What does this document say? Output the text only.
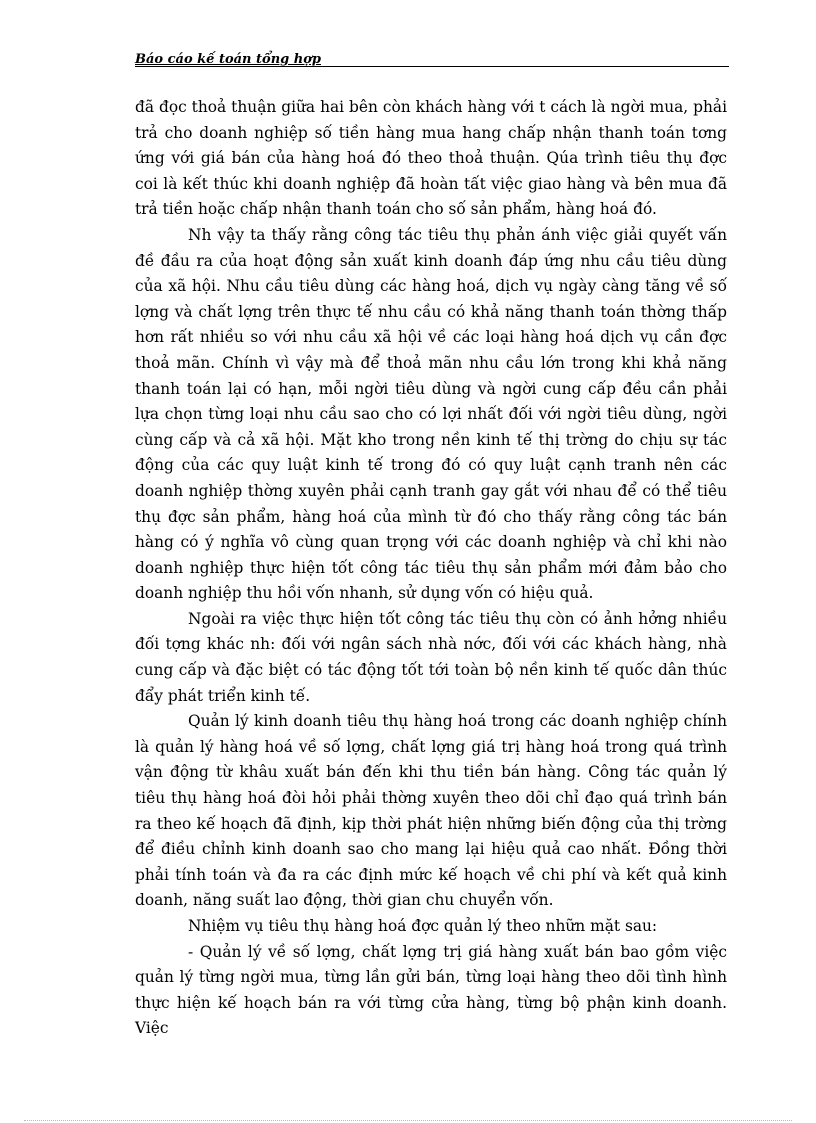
Báo cáo kế toán tổng hợp

đã đọc thoả thuận giữa hai bên còn khách hàng với t cách là ngời mua, phải trả cho doanh nghiệp số tiền hàng mua hang chấp nhận thanh toán tơng ứng với giá bán của hàng hoá đó theo thoả thuận. Qúa trình tiêu thụ đợc coi là kết thúc khi doanh nghiệp đã hoàn tất việc giao hàng và bên mua đã trả tiền hoặc chấp nhận thanh toán cho số sản phẩm, hàng hoá đó.

Nh vậy ta thấy rằng công tác tiêu thụ phản ánh việc giải quyết vấn đề đầu ra của hoạt động sản xuất kinh doanh đáp ứng nhu cầu tiêu dùng của xã hội. Nhu cầu tiêu dùng các hàng hoá, dịch vụ ngày càng tăng về số lợng và chất lợng trên thực tế nhu cầu có khả năng thanh toán thờng thấp hơn rất nhiều so với nhu cầu xã hội về các loại hàng hoá dịch vụ cần đợc thoả mãn. Chính vì vậy mà để thoả mãn nhu cầu lớn trong khi khả năng thanh toán lại có hạn, mỗi ngời tiêu dùng và ngời cung cấp đều cần phải lựa chọn từng loại nhu cầu sao cho có lợi nhất đối với ngời tiêu dùng, ngời cùng cấp và cả xã hội. Mặt kho trong nền kinh tế thị trờng do chịu sự tác động của các quy luật kinh tế trong đó có quy luật cạnh tranh nên các doanh nghiệp thờng xuyên phải cạnh tranh gay gắt với nhau để có thể tiêu thụ đợc sản phẩm, hàng hoá của mình từ đó cho thấy rằng công tác bán hàng có ý nghĩa vô cùng quan trọng với các doanh nghiệp và chỉ khi nào doanh nghiệp thực hiện tốt công tác tiêu thụ sản phẩm mới đảm bảo cho doanh nghiệp thu hồi vốn nhanh, sử dụng vốn có hiệu quả.

Ngoài ra việc thực hiện tốt công tác tiêu thụ còn có ảnh hởng nhiều đối tợng khác nh: đối với ngân sách nhà nớc, đối với các khách hàng, nhà cung cấp và đặc biệt có tác động tốt tới toàn bộ nền kinh tế quốc dân thúc đẩy phát triển kinh tế.

Quản lý kinh doanh tiêu thụ hàng hoá trong các doanh nghiệp chính là quản lý hàng hoá về số lợng, chất lợng giá trị hàng hoá trong quá trình vận động từ khâu xuất bán đến khi thu tiền bán hàng. Công tác quản lý tiêu thụ hàng hoá đòi hỏi phải thờng xuyên theo dõi chỉ đạo quá trình bán ra theo kế hoạch đã định, kịp thời phát hiện những biến động của thị trờng để điều chỉnh kinh doanh sao cho mang lại hiệu quả cao nhất. Đồng thời phải tính toán và đa ra các định mức kế hoạch về chi phí và kết quả kinh doanh, năng suất lao động, thời gian chu chuyển vốn.

Nhiệm vụ tiêu thụ hàng hoá đợc quản lý theo nhữn mặt sau:

- Quản lý về số lợng, chất lợng trị giá hàng xuất bán bao gồm việc quản lý từng ngời mua, từng lần gửi bán, từng loại hàng theo dõi tình hình thực hiện kế hoạch bán ra với từng cửa hàng, từng bộ phận kinh doanh. Việc
